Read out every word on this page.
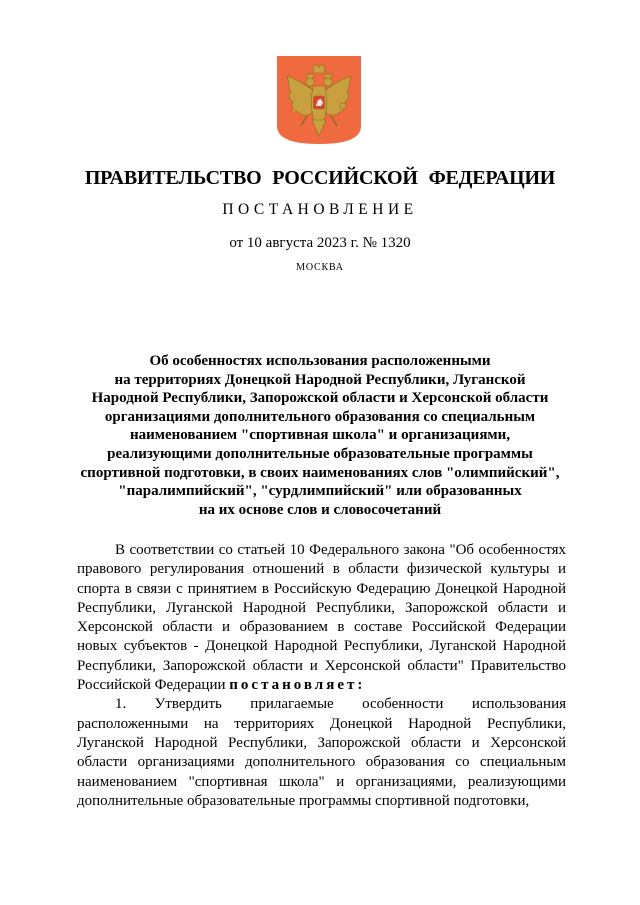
ПРАВИТЕЛЬСТВО РОССИЙСКОЙ ФЕДЕРАЦИИ
ПОСТАНОВЛЕНИЕ
от 10 августа 2023 г. № 1320
МОСКВА
Об особенностях использования расположенными
на территориях Донецкой Народной Республики, Луганской
Народной Республики, Запорожской области и Херсонской области
организациями дополнительного образования со специальным
наименованием "спортивная школа" и организациями,
реализующими дополнительные образовательные программы
спортивной подготовки, в своих наименованиях слов "олимпийский",
"паралимпийский", "сурдлимпийский" или образованных
на их основе слов и словосочетаний

В соответствии со статьей 10 Федерального закона "Об особенностях правового регулирования отношений в области физической культуры и спорта в связи с принятием в Российскую Федерацию Донецкой Народной Республики, Луганской Народной Республики, Запорожской области и Херсонской области и образованием в составе Российской Федерации новых субъектов - Донецкой Народной Республики, Луганской Народной Республики, Запорожской области и Херсонской области" Правительство Российской Федерации постановляет:

1. Утвердить прилагаемые особенности использования расположенными на территориях Донецкой Народной Республики, Луганской Народной Республики, Запорожской области и Херсонской области организациями дополнительного образования со специальным наименованием "спортивная школа" и организациями, реализующими дополнительные образовательные программы спортивной подготовки,
